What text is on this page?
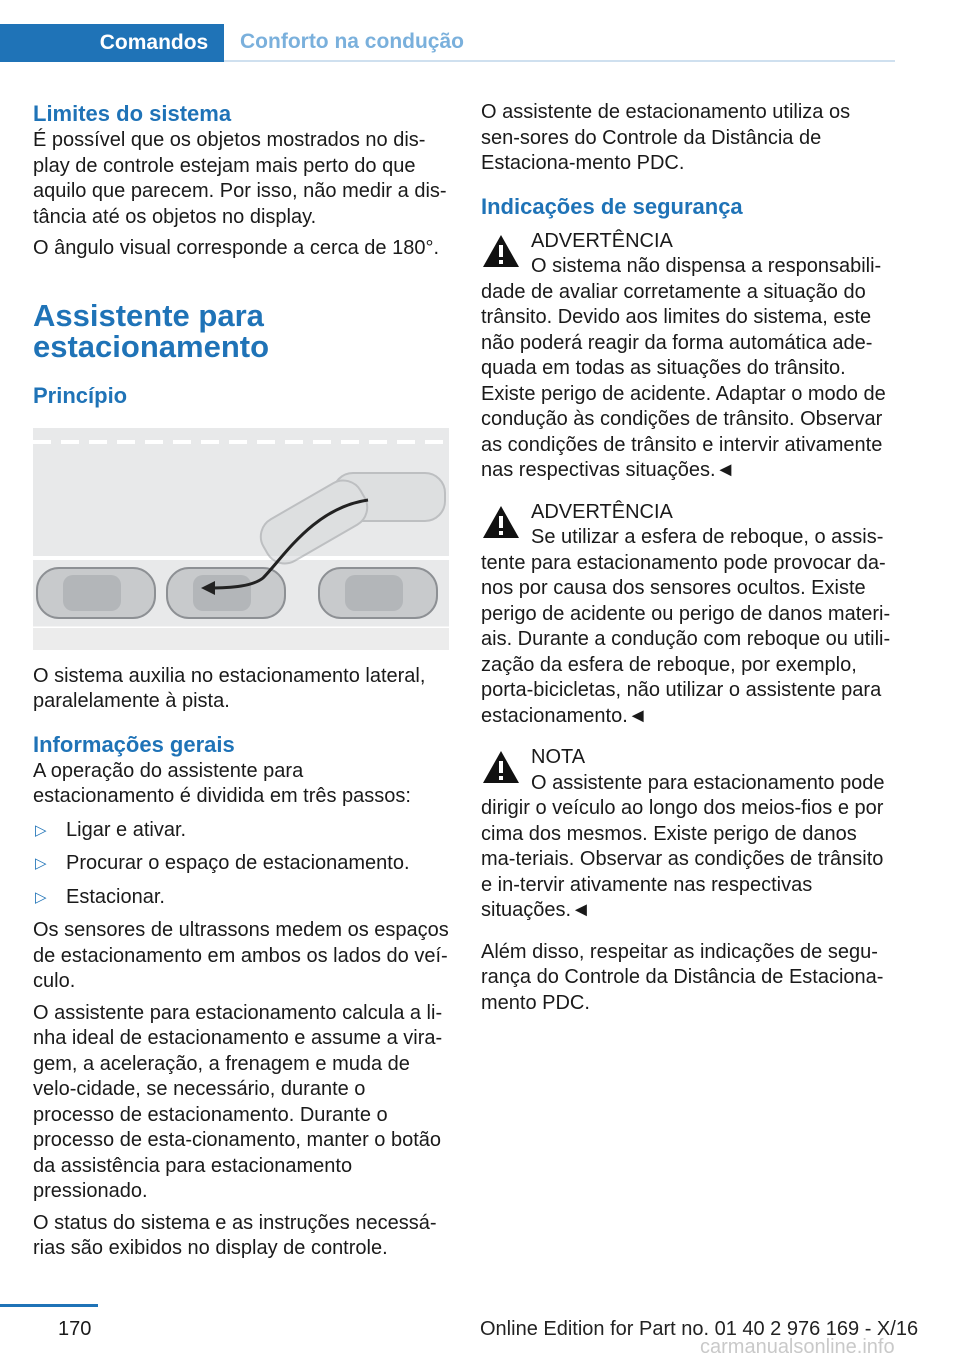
Comandos	Conforto na condução
Limites do sistema

É possível que os objetos mostrados no dis-play de controle estejam mais perto do que aquilo que parecem. Por isso, não medir a dis-tância até os objetos no display.

O ângulo visual corresponde a cerca de 180°.

Assistente para estacionamento
Princípio

O sistema auxilia no estacionamento lateral, paralelamente à pista.

Informações gerais

A operação do assistente para estacionamento é dividida em três passos:

▷ Ligar e ativar.
▷ Procurar o espaço de estacionamento.
▷ Estacionar.

Os sensores de ultrassons medem os espaços de estacionamento em ambos os lados do veí-culo.

O assistente para estacionamento calcula a li-nha ideal de estacionamento e assume a vira-gem, a aceleração, a frenagem e muda de velo-cidade, se necessário, durante o processo de estacionamento. Durante o processo de esta-cionamento, manter o botão da assistência para estacionamento pressionado.

O status do sistema e as instruções necessá-rias são exibidos no display de controle.

O assistente de estacionamento utiliza os sen-sores do Controle da Distância de Estaciona-mento PDC.

Indicações de segurança
ADVERTÊNCIA
O sistema não dispensa a responsabili-
dade de avaliar corretamente a situação do trânsito. Devido aos limites do sistema, este não poderá reagir da forma automática ade-quada em todas as situações do trânsito. Existe perigo de acidente. Adaptar o modo de condução às condições de trânsito. Observar as condições de trânsito e intervir ativamente nas respectivas situações.◄
ADVERTÊNCIA
Se utilizar a esfera de reboque, o assis-
tente para estacionamento pode provocar da-nos por causa dos sensores ocultos. Existe perigo de acidente ou perigo de danos materi-ais. Durante a condução com reboque ou utili-zação da esfera de reboque, por exemplo, porta-bicicletas, não utilizar o assistente para estacionamento.◄
NOTA
O assistente para estacionamento pode
dirigir o veículo ao longo dos meios-fios e por cima dos mesmos. Existe perigo de danos ma-teriais. Observar as condições de trânsito e in-tervir ativamente nas respectivas situações.◄

Além disso, respeitar as indicações de segu-rança do Controle da Distância de Estaciona-mento PDC.

170	Online Edition for Part no. 01 40 2 976 169 - X/16
carmanualsonline.info
